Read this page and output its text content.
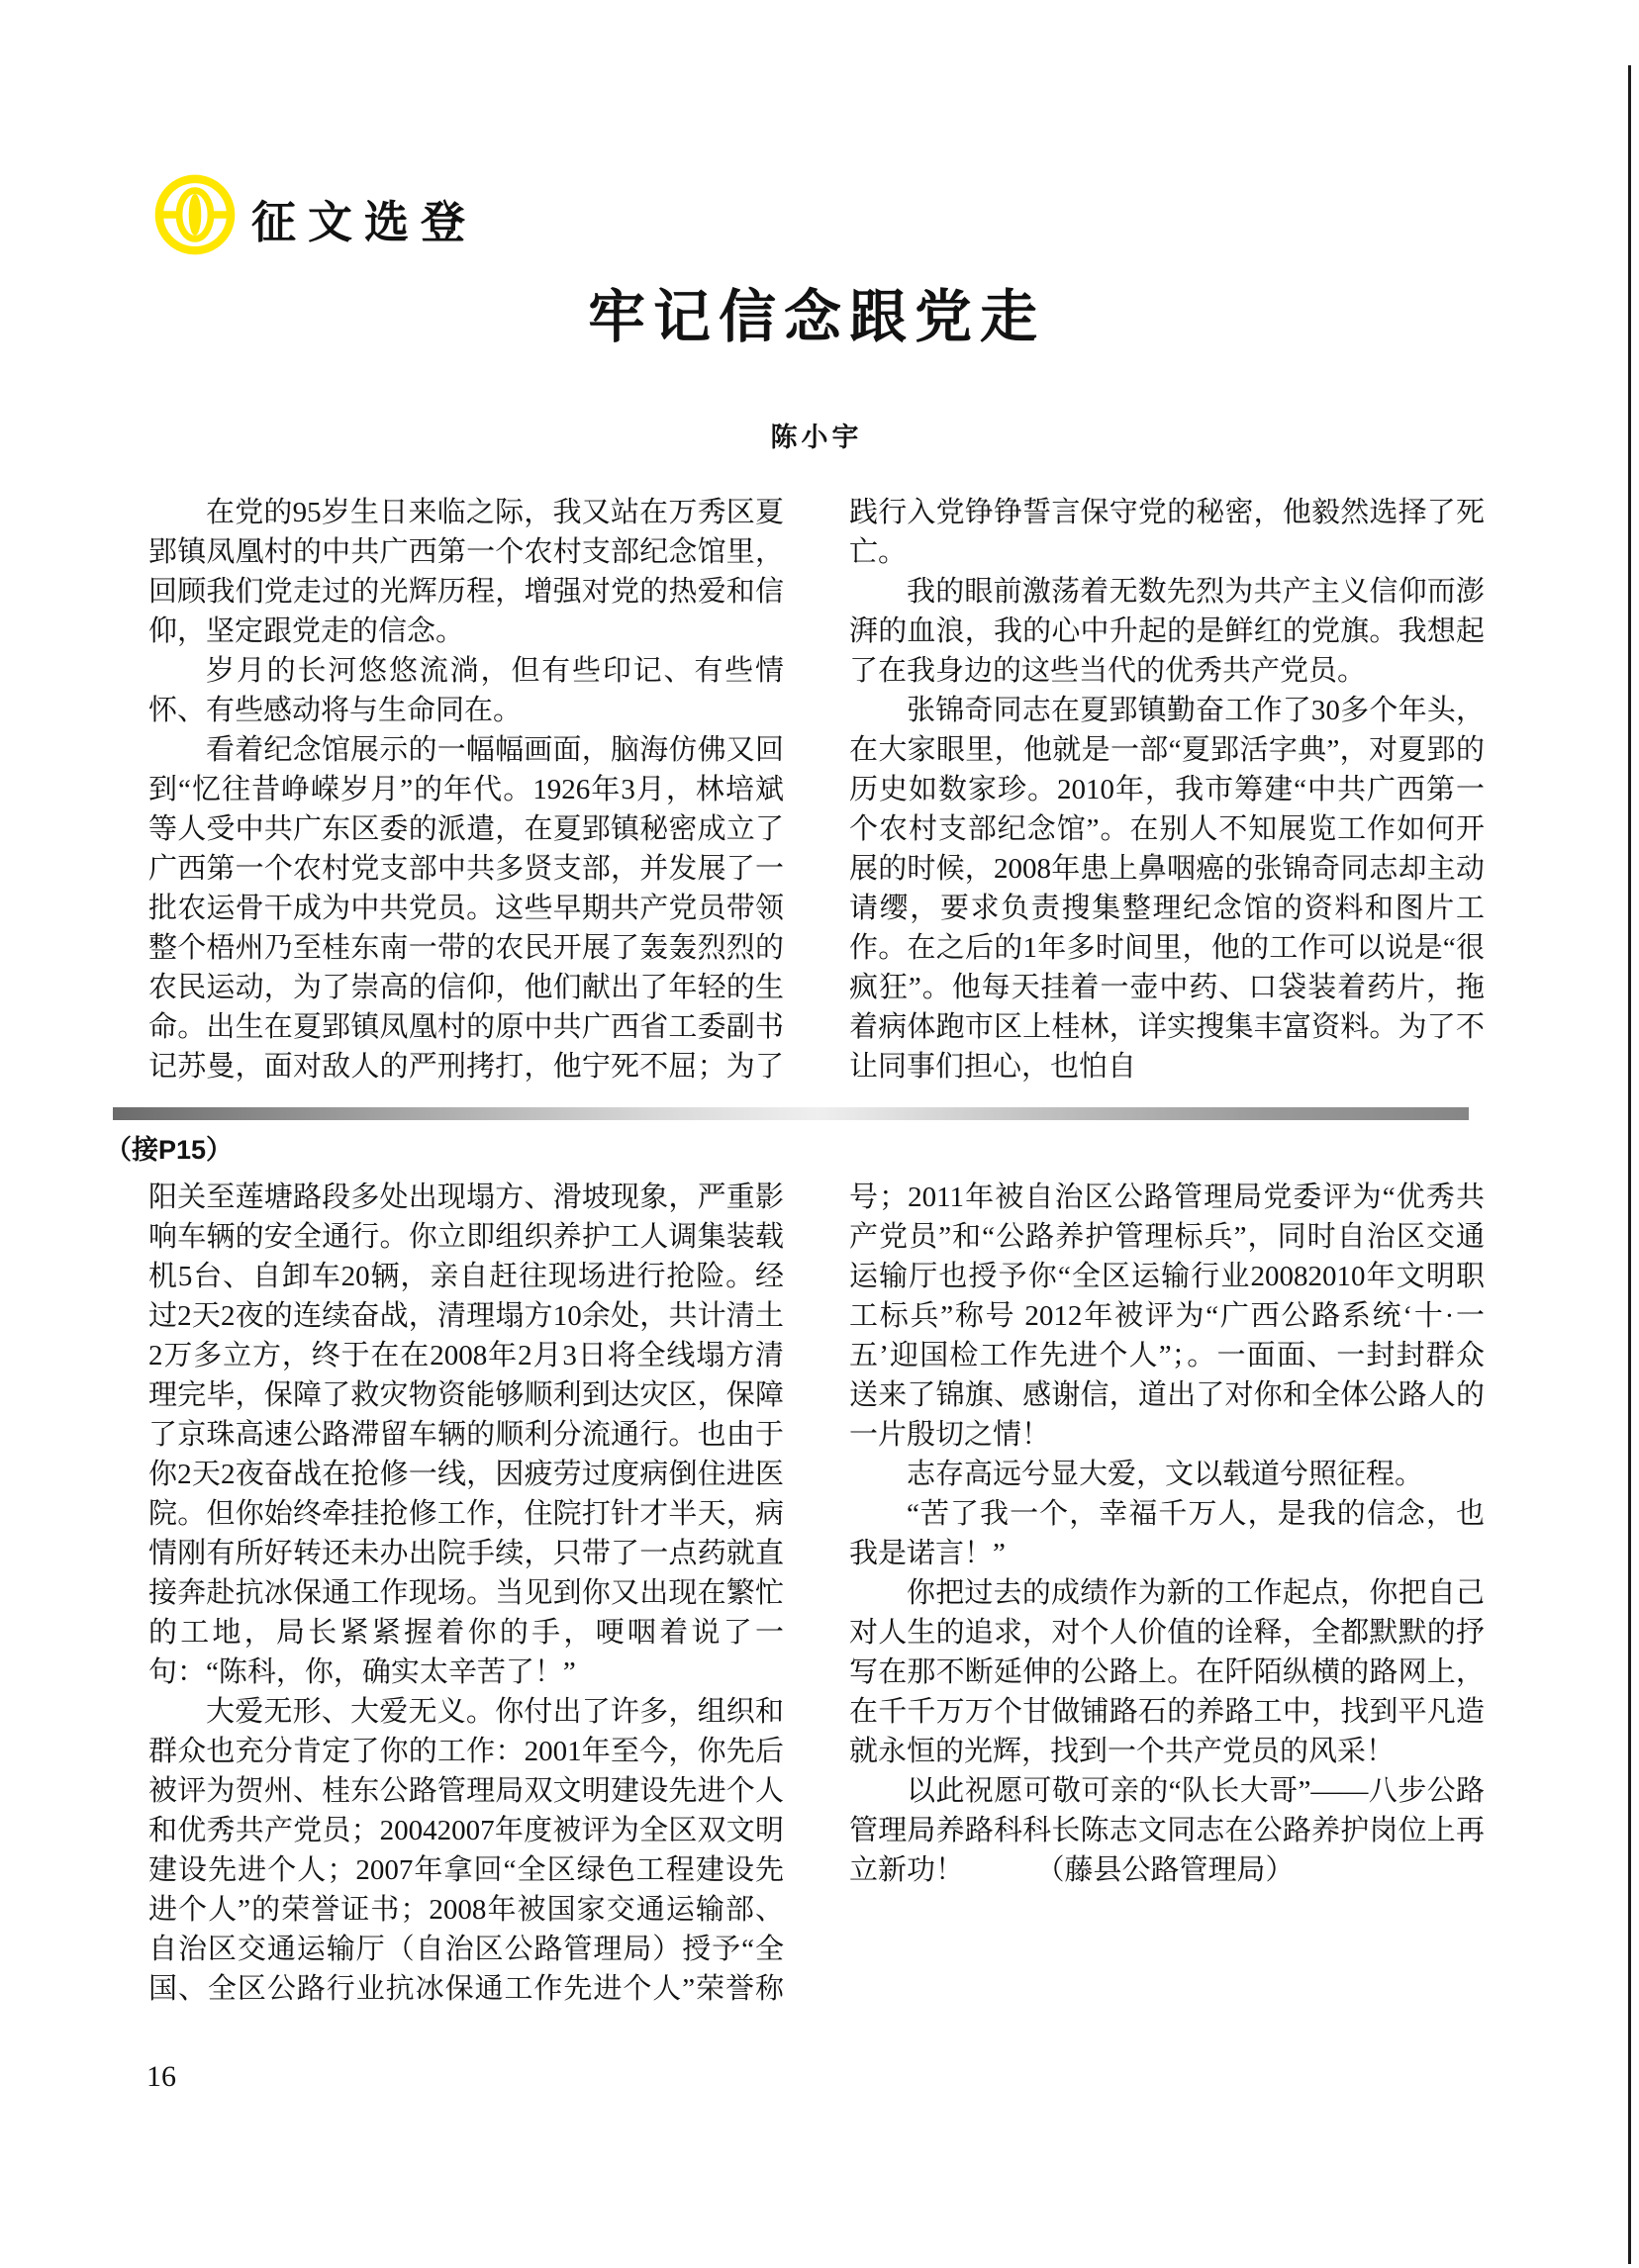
征文选登
牢记信念跟党走
陈小宇

在党的95岁生日来临之际，我又站在万秀区夏郢镇凤凰村的中共广西第一个农村支部纪念馆里，回顾我们党走过的光辉历程，增强对党的热爱和信仰，坚定跟党走的信念。

岁月的长河悠悠流淌，但有些印记、有些情怀、有些感动将与生命同在。

看着纪念馆展示的一幅幅画面，脑海仿佛又回到“忆往昔峥嵘岁月”的年代。1926年3月，林培斌等人受中共广东区委的派遣，在夏郢镇秘密成立了广西第一个农村党支部中共多贤支部，并发展了一批农运骨干成为中共党员。这些早期共产党员带领整个梧州乃至桂东南一带的农民开展了轰轰烈烈的农民运动，为了崇高的信仰，他们献出了年轻的生命。出生在夏郢镇凤凰村的原中共广西省工委副书记苏曼，面对敌人的严刑拷打，他宁死不屈；为了践行入党铮铮誓言保守党的秘密，他毅然选择了死亡。

我的眼前激荡着无数先烈为共产主义信仰而澎湃的血浪，我的心中升起的是鲜红的党旗。我想起了在我身边的这些当代的优秀共产党员。

张锦奇同志在夏郢镇勤奋工作了30多个年头，在大家眼里，他就是一部“夏郢活字典”，对夏郢的历史如数家珍。2010年，我市筹建“中共广西第一个农村支部纪念馆”。在别人不知展览工作如何开展的时候，2008年患上鼻咽癌的张锦奇同志却主动请缨，要求负责搜集整理纪念馆的资料和图片工作。在之后的1年多时间里，他的工作可以说是“很疯狂”。他每天挂着一壶中药、口袋装着药片，拖着病体跑市区上桂林，详实搜集丰富资料。为了不让同事们担心，也怕自

（接P15）

阳关至莲塘路段多处出现塌方、滑坡现象，严重影响车辆的安全通行。你立即组织养护工人调集装载机5台、自卸车20辆，亲自赶往现场进行抢险。经过2天2夜的连续奋战，清理塌方10余处，共计清土2万多立方，终于在在2008年2月3日将全线塌方清理完毕，保障了救灾物资能够顺利到达灾区，保障了京珠高速公路滞留车辆的顺利分流通行。也由于你2天2夜奋战在抢修一线，因疲劳过度病倒住进医院。但你始终牵挂抢修工作，住院打针才半天，病情刚有所好转还未办出院手续，只带了一点药就直接奔赴抗冰保通工作现场。当见到你又出现在繁忙的工地，局长紧紧握着你的手，哽咽着说了一句：“陈科，你，确实太辛苦了！”

大爱无形、大爱无义。你付出了许多，组织和群众也充分肯定了你的工作：2001年至今，你先后被评为贺州、桂东公路管理局双文明建设先进个人和优秀共产党员；20042007年度被评为全区双文明建设先进个人；2007年拿回“全区绿色工程建设先进个人”的荣誉证书；2008年被国家交通运输部、自治区交通运输厅（自治区公路管理局）授予“全国、全区公路行业抗冰保通工作先进个人”荣誉称号；2011年被自治区公路管理局党委评为“优秀共产党员”和“公路养护管理标兵”，同时自治区交通运输厅也授予你“全区运输行业20082010年文明职工标兵”称号 2012年被评为“广西公路系统‘十·一五’迎国检工作先进个人”；。一面面、一封封群众送来了锦旗、感谢信，道出了对你和全体公路人的一片殷切之情！

志存高远兮显大爱，文以载道兮照征程。

“苦了我一个，幸福千万人，是我的信念，也我是诺言！”

你把过去的成绩作为新的工作起点，你把自己对人生的追求，对个人价值的诠释，全都默默的抒写在那不断延伸的公路上。在阡陌纵横的路网上，在千千万万个甘做铺路石的养路工中，找到平凡造就永恒的光辉，找到一个共产党员的风采！

以此祝愿可敬可亲的“队长大哥”——八步公路管理局养路科科长陈志文同志在公路养护岗位上再立新功！　　　（藤县公路管理局）

16
